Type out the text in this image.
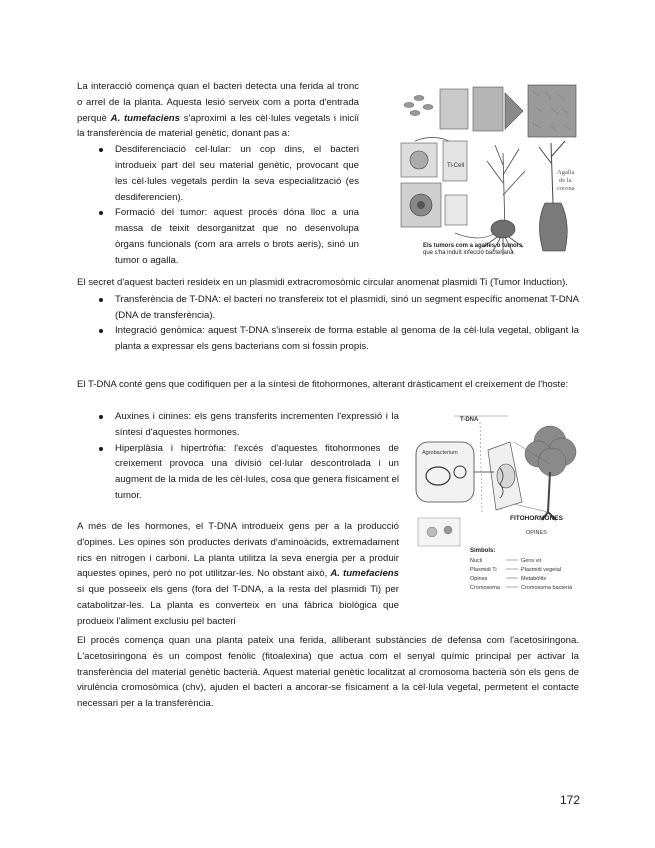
La interacció comença quan el bacteri detecta una ferida al tronc o arrel de la planta. Aquesta lesió serveix com a porta d'entrada perquè A. tumefaciens s'aproximi a les cèl·lules vegetals i iniciï la transferència de material genètic, donant pas a:

Desdiferenciació cel·lular: un cop dins, el bacteri introdueix part del seu material genètic, provocant que les cèl·lules vegetals perdin la seva especialització (es desdiferencien).
Formació del tumor: aquest procés dóna lloc a una massa de teixit desorganitzat que no desenvolupa òrgans funcionals (com ara arrels o brots aeris), sinó un tumor o agalla.
Ti-Cell
Agalla
de la
corona
Els tumors com a agalles o tumors
que s'ha induït infecció bacteriana

El secret d'aquest bacteri resideix en un plasmidi extracromosòmic circular anomenat plasmidi Ti (Tumor Induction).

Transferència de T-DNA: el bacteri no transfereix tot el plasmidi, sinó un segment específic anomenat T-DNA (DNA de transferència).
Integració genòmica: aquest T-DNA s'insereix de forma estable al genoma de la cèl·lula vegetal, obligant la planta a expressar els gens bacterians com si fossin propis.

El T-DNA conté gens que codifiquen per a la síntesi de fitohormones, alterant dràsticament el creixement de l'hoste:

Auxines i cinines: els gens transferits incrementen l'expressió i la síntesi d'aquestes hormones.
Hiperplàsia i hipertròfia: l'excés d'aquestes fitohormones de creixement provoca una divisió cel·lular descontrolada i un augment de la mida de les cèl·lules, cosa que genera físicament el tumor.
T-DNA
Agrobacterium
FITOHORMONES
OPINES
Símbols:
Nucli
Plasmidi Ti
Opines
Cromosoma
Gens vir
Plasmidi vegetal
Metabòlits
Cromosoma bacterià

A més de les hormones, el T-DNA introdueix gens per a la producció d'opines. Les opines són productes derivats d'aminoàcids, extremadament rics en nitrogen i carboni. La planta utilitza la seva energia per a produir aquestes opines, però no pot utilitzar-les. No obstant això, A. tumefaciens sí que posseeix els gens (fora del T-DNA, a la resta del plasmidi Ti) per catabolitzar-les. La planta es converteix en una fàbrica biològica que produeix l'aliment exclusiu pel bacteri

El procés comença quan una planta pateix una ferida, alliberant substàncies de defensa com l'acetosiringona. L'acetosiringona és un compost fenòlic (fitoalexina) que actua com el senyal químic principal per activar la transferència del material genètic bacterià. Aquest material genètic localitzat al cromosoma bacterià són els gens de virulència cromosòmica (chv), ajuden el bacteri a ancorar-se físicament a la cèl·lula vegetal, permetent el contacte necessari per a la transferència.

172
